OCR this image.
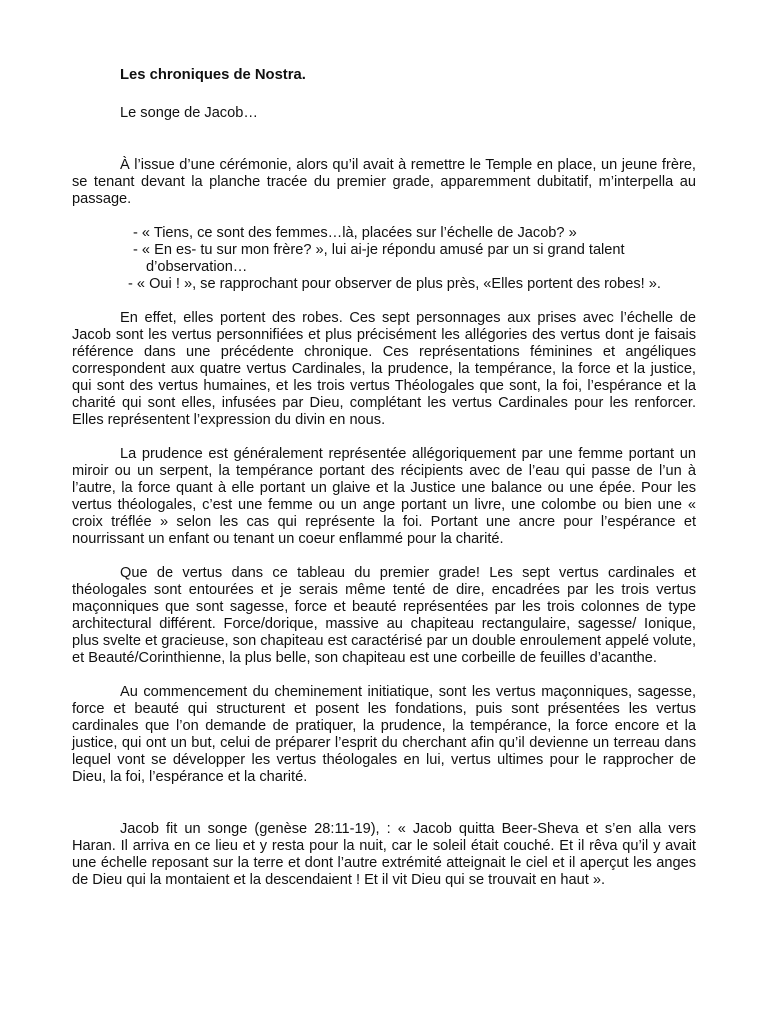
Les chroniques de Nostra.
Le songe de Jacob…

À l’issue d’une cérémonie, alors qu’il avait à remettre le Temple en place, un jeune frère, se tenant devant la planche tracée du premier grade, apparemment dubitatif, m’interpella au passage.

- « Tiens, ce sont des femmes…là, placées sur l’échelle de Jacob? »
- « En es- tu sur mon frère? », lui ai-je répondu amusé par un si grand talent d’observation…
- « Oui ! », se rapprochant pour observer de plus près, «Elles portent des robes! ».

En effet, elles portent des robes. Ces sept personnages aux prises avec l’échelle de Jacob sont les vertus personnifiées et plus précisément les allégories des vertus dont je faisais référence dans une précédente chronique. Ces représentations féminines et angéliques correspondent aux quatre vertus Cardinales, la prudence, la tempérance, la force et la justice, qui sont des vertus humaines, et les trois vertus Théologales que sont, la foi, l’espérance et la charité qui sont elles, infusées par Dieu, complétant les vertus Cardinales pour les renforcer. Elles représentent l’expression du divin en nous.

La prudence est généralement représentée allégoriquement par une femme portant un miroir ou un serpent, la tempérance portant des récipients avec de l’eau qui passe de l’un à l’autre, la force quant à elle portant un glaive et la Justice une balance ou une épée. Pour les vertus théologales, c’est une femme ou un ange portant un livre, une colombe ou bien une « croix tréflée » selon les cas qui représente la foi. Portant une ancre pour l’espérance et nourrissant un enfant ou tenant un coeur enflammé pour la charité.

Que de vertus dans ce tableau du premier grade! Les sept vertus cardinales et théologales sont entourées et je serais même tenté de dire, encadrées par les trois vertus maçonniques que sont sagesse, force et beauté représentées par les trois colonnes de type architectural différent. Force/dorique, massive au chapiteau rectangulaire, sagesse/ Ionique, plus svelte et gracieuse, son chapiteau est caractérisé par un double enroulement appelé volute, et Beauté/Corinthienne, la plus belle, son chapiteau est une corbeille de feuilles d’acanthe.

Au commencement du cheminement initiatique, sont les vertus maçonniques, sagesse, force et beauté qui structurent et posent les fondations, puis sont présentées les vertus cardinales que l’on demande de pratiquer, la prudence, la tempérance, la force encore et la justice, qui ont un but, celui de préparer l’esprit du cherchant afin qu’il devienne un terreau dans lequel vont se développer les vertus théologales en lui, vertus ultimes pour le rapprocher de Dieu, la foi, l’espérance et la charité.

Jacob fit un songe (genèse 28:11-19), : « Jacob quitta Beer-Sheva et s’en alla vers Haran. Il arriva en ce lieu et y resta pour la nuit, car le soleil était couché. Et il rêva qu’il y avait une échelle reposant sur la terre et dont l’autre extrémité atteignait le ciel et il aperçut les anges de Dieu qui la montaient et la descendaient ! Et il vit Dieu qui se trouvait en haut ».
